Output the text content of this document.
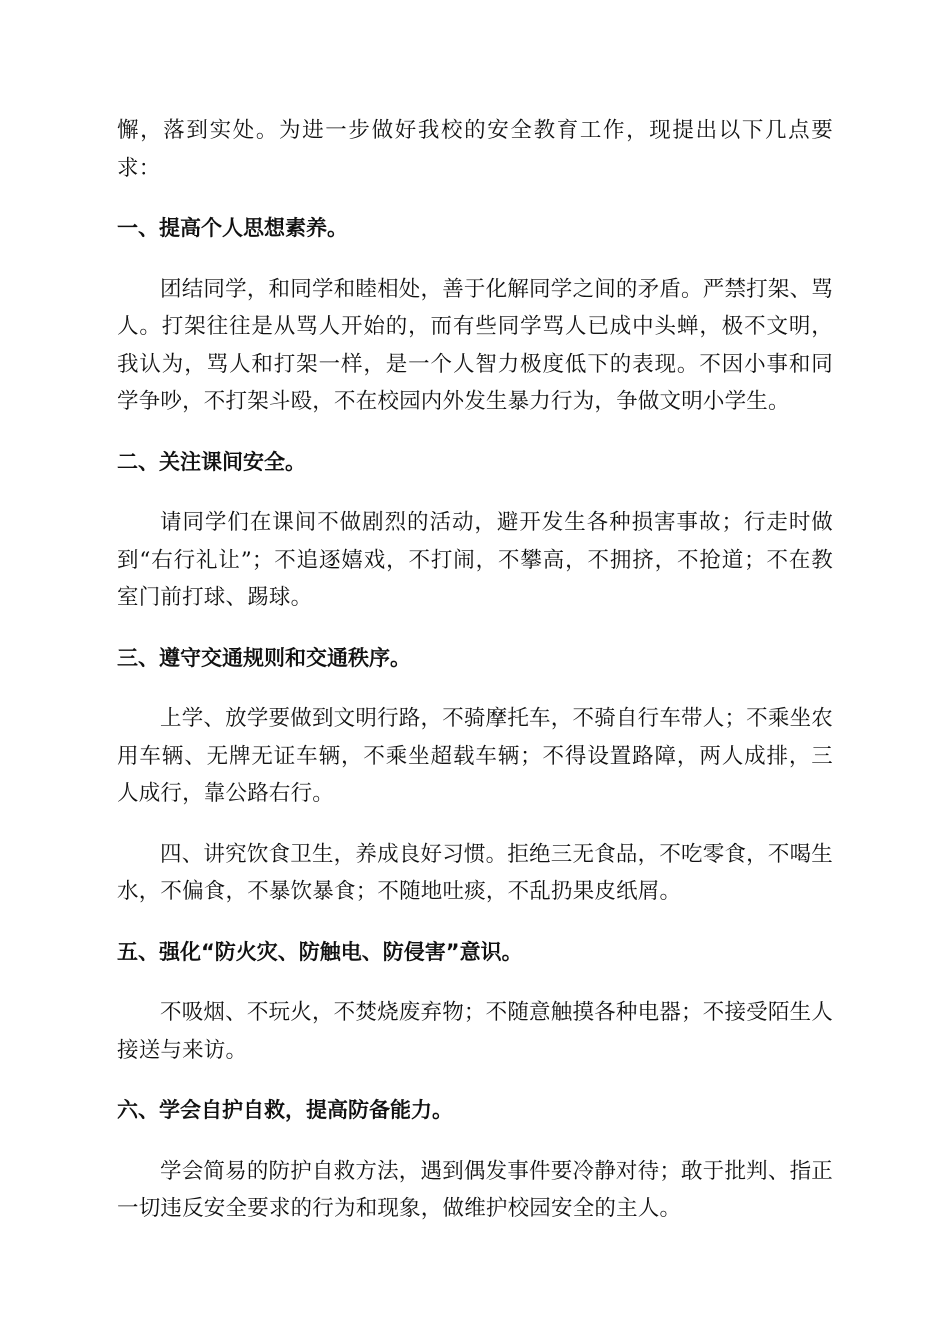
懈，落到实处。为进一步做好我校的安全教育工作，现提出以下几点要求：

一、提高个人思想素养。

团结同学，和同学和睦相处，善于化解同学之间的矛盾。严禁打架、骂人。打架往往是从骂人开始的，而有些同学骂人已成中头蝉，极不文明，我认为，骂人和打架一样，是一个人智力极度低下的表现。不因小事和同学争吵，不打架斗殴，不在校园内外发生暴力行为，争做文明小学生。

二、关注课间安全。

请同学们在课间不做剧烈的活动，避开发生各种损害事故；行走时做到“右行礼让”；不追逐嬉戏，不打闹，不攀高，不拥挤，不抢道；不在教室门前打球、踢球。

三、遵守交通规则和交通秩序。

上学、放学要做到文明行路，不骑摩托车，不骑自行车带人；不乘坐农用车辆、无牌无证车辆，不乘坐超载车辆；不得设置路障，两人成排，三人成行，靠公路右行。

四、讲究饮食卫生，养成良好习惯。拒绝三无食品，不吃零食，不喝生水，不偏食，不暴饮暴食；不随地吐痰，不乱扔果皮纸屑。

五、强化“防火灾、防触电、防侵害”意识。

不吸烟、不玩火，不焚烧废弃物；不随意触摸各种电器；不接受陌生人接送与来访。

六、学会自护自救，提高防备能力。

学会简易的防护自救方法，遇到偶发事件要冷静对待；敢于批判、指正一切违反安全要求的行为和现象，做维护校园安全的主人。
